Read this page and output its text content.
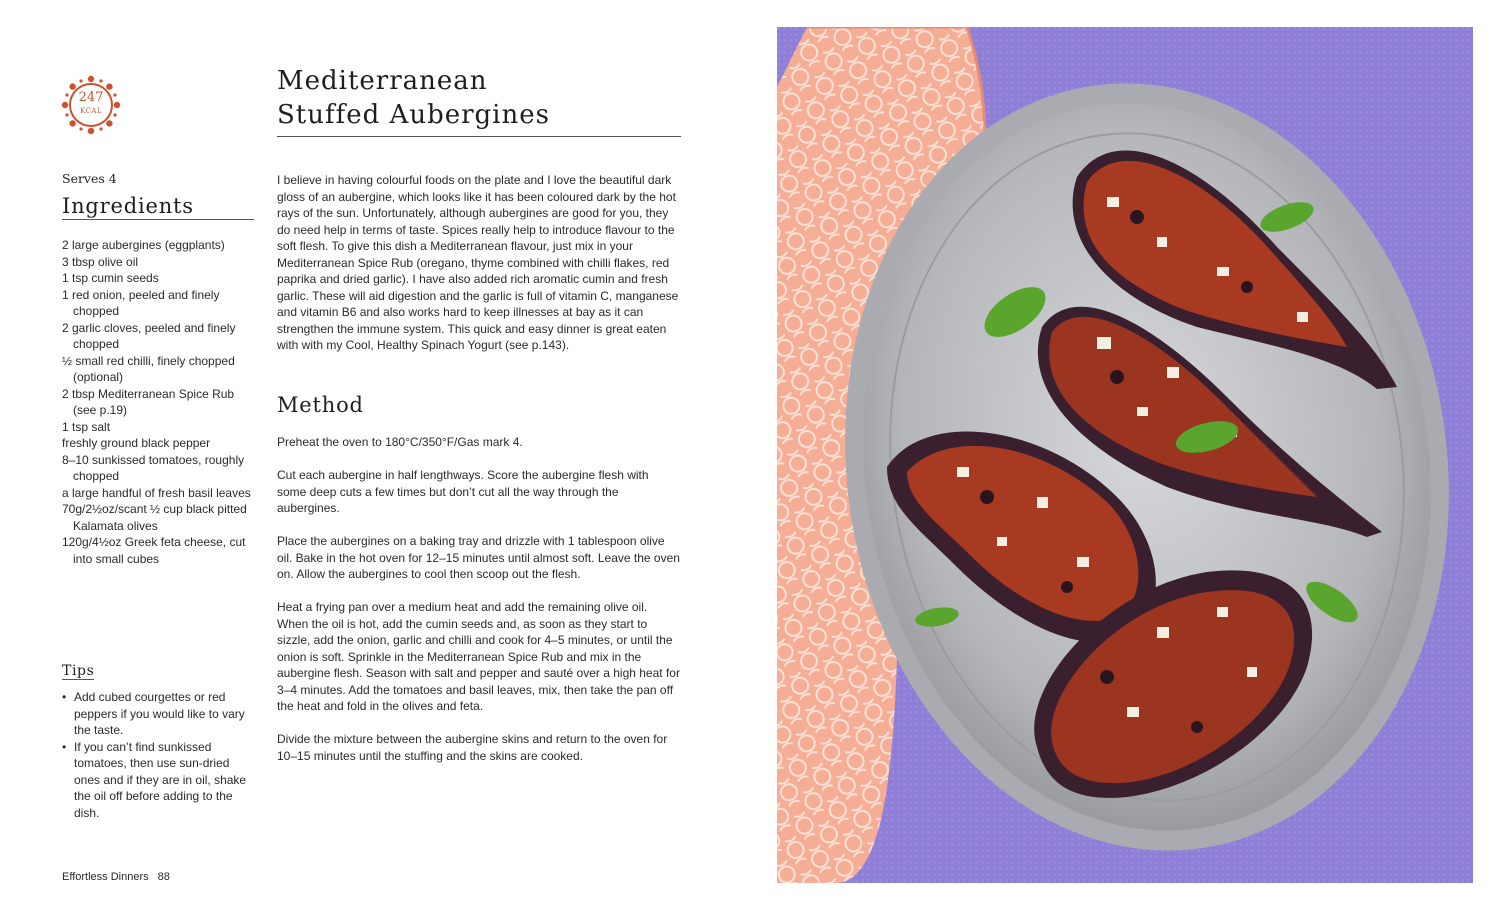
247
KCAL
Mediterranean
Stuffed Aubergines
Serves 4
Ingredients
2 large aubergines (eggplants)
3 tbsp olive oil
1 tsp cumin seeds
1 red onion, peeled and finely chopped
2 garlic cloves, peeled and finely chopped
½ small red chilli, finely chopped (optional)
2 tbsp Mediterranean Spice Rub (see p.19)
1 tsp salt
freshly ground black pepper
8–10 sunkissed tomatoes, roughly chopped
a large handful of fresh basil leaves
70g/2½oz/scant ½ cup black pitted Kalamata olives
120g/4½oz Greek feta cheese, cut into small cubes
Tips
• Add cubed courgettes or red peppers if you would like to vary the taste.
• If you can’t find sunkissed tomatoes, then use sun-dried ones and if they are in oil, shake the oil off before adding to the dish.

I believe in having colourful foods on the plate and I love the beautiful dark gloss of an aubergine, which looks like it has been coloured dark by the hot rays of the sun. Unfortunately, although aubergines are good for you, they do need help in terms of taste. Spices really help to introduce flavour to the soft flesh. To give this dish a Mediterranean flavour, just mix in your Mediterranean Spice Rub (oregano, thyme combined with chilli flakes, red paprika and dried garlic). I have also added rich aromatic cumin and fresh garlic. These will aid digestion and the garlic is full of vitamin C, manganese and vitamin B6 and also works hard to keep illnesses at bay as it can strengthen the immune system. This quick and easy dinner is great eaten with with my Cool, Healthy Spinach Yogurt (see p.143).

Method

Preheat the oven to 180°C/350°F/Gas mark 4.

Cut each aubergine in half lengthways. Score the aubergine flesh with some deep cuts a few times but don’t cut all the way through the aubergines.

Place the aubergines on a baking tray and drizzle with 1 tablespoon olive oil. Bake in the hot oven for 12–15 minutes until almost soft. Leave the oven on. Allow the aubergines to cool then scoop out the flesh.

Heat a frying pan over a medium heat and add the remaining olive oil. When the oil is hot, add the cumin seeds and, as soon as they start to sizzle, add the onion, garlic and chilli and cook for 4–5 minutes, or until the onion is soft. Sprinkle in the Mediterranean Spice Rub and mix in the aubergine flesh. Season with salt and pepper and sauté over a high heat for 3–4 minutes. Add the tomatoes and basil leaves, mix, then take the pan off the heat and fold in the olives and feta.

Divide the mixture between the aubergine skins and return to the oven for 10–15 minutes until the stuffing and the skins are cooked.

Effortless Dinners 88
